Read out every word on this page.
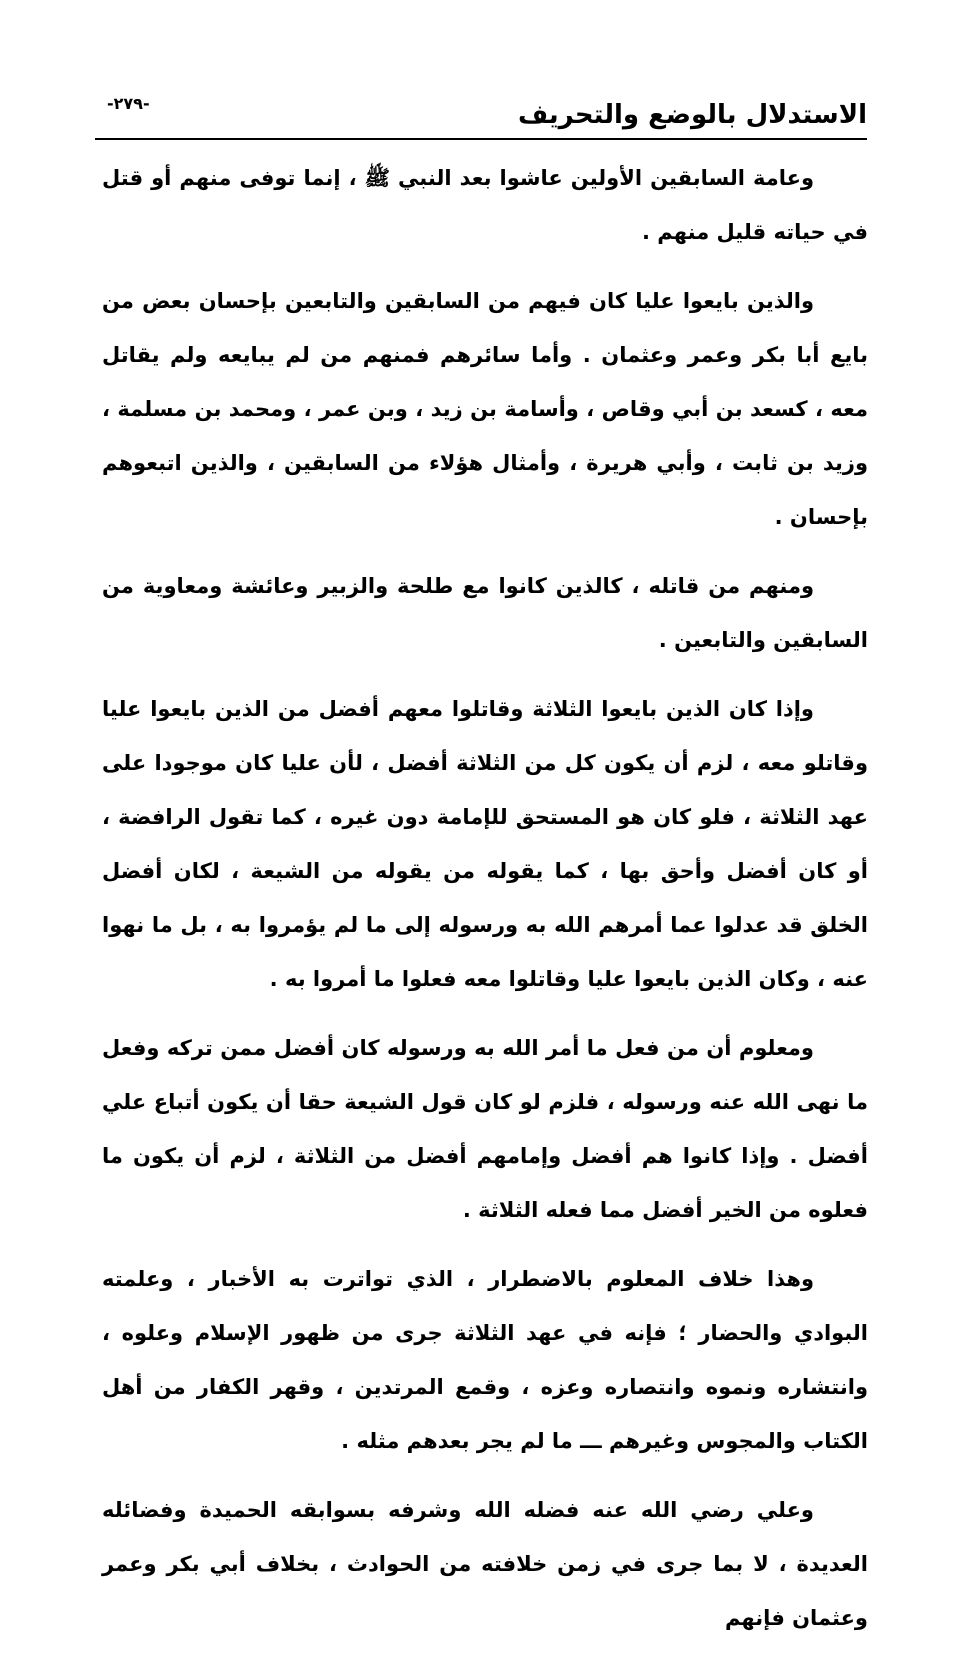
الاستدلال بالوضع والتحريف
-٢٧٩-

وعامة السابقين الأولين عاشوا بعد النبي ﷺ ، إنما توفى منهم أو قتل في حياته قليل منهم .

والذين بايعوا عليا كان فيهم من السابقين والتابعين بإحسان بعض من بايع أبا بكر وعمر وعثمان . وأما سائرهم فمنهم من لم يبايعه ولم يقاتل معه ، كسعد بن أبي وقاص ، وأسامة بن زيد ، وبن عمر ، ومحمد بن مسلمة ، وزيد بن ثابت ، وأبي هريرة ، وأمثال هؤلاء من السابقين ، والذين اتبعوهم بإحسان .

ومنهم من قاتله ، كالذين كانوا مع طلحة والزبير وعائشة ومعاوية من السابقين والتابعين .

وإذا كان الذين بايعوا الثلاثة وقاتلوا معهم أفضل من الذين بايعوا عليا وقاتلو معه ، لزم أن يكون كل من الثلاثة أفضل ، لأن عليا كان موجودا على عهد الثلاثة ، فلو كان هو المستحق للإمامة دون غيره ، كما تقول الرافضة ، أو كان أفضل وأحق بها ، كما يقوله من يقوله من الشيعة ، لكان أفضل الخلق قد عدلوا عما أمرهم الله به ورسوله إلى ما لم يؤمروا به ، بل ما نهوا عنه ، وكان الذين بايعوا عليا وقاتلوا معه فعلوا ما أمروا به .

ومعلوم أن من فعل ما أمر الله به ورسوله كان أفضل ممن تركه وفعل ما نهى الله عنه ورسوله ، فلزم لو كان قول الشيعة حقا أن يكون أتباع علي أفضل . وإذا كانوا هم أفضل وإمامهم أفضل من الثلاثة ، لزم أن يكون ما فعلوه من الخير أفضل مما فعله الثلاثة .

وهذا خلاف المعلوم بالاضطرار ، الذي تواترت به الأخبار ، وعلمته البوادي والحضار ؛ فإنه في عهد الثلاثة جرى من ظهور الإسلام وعلوه ، وانتشاره ونموه وانتصاره وعزه ، وقمع المرتدين ، وقهر الكفار من أهل الكتاب والمجوس وغيرهم ـــ ما لم يجر بعدهم مثله .

وعلي رضي الله عنه فضله الله وشرفه بسوابقه الحميدة وفضائله العديدة ، لا بما جرى في زمن خلافته من الحوادث ، بخلاف أبي بكر وعمر وعثمان فإنهم
